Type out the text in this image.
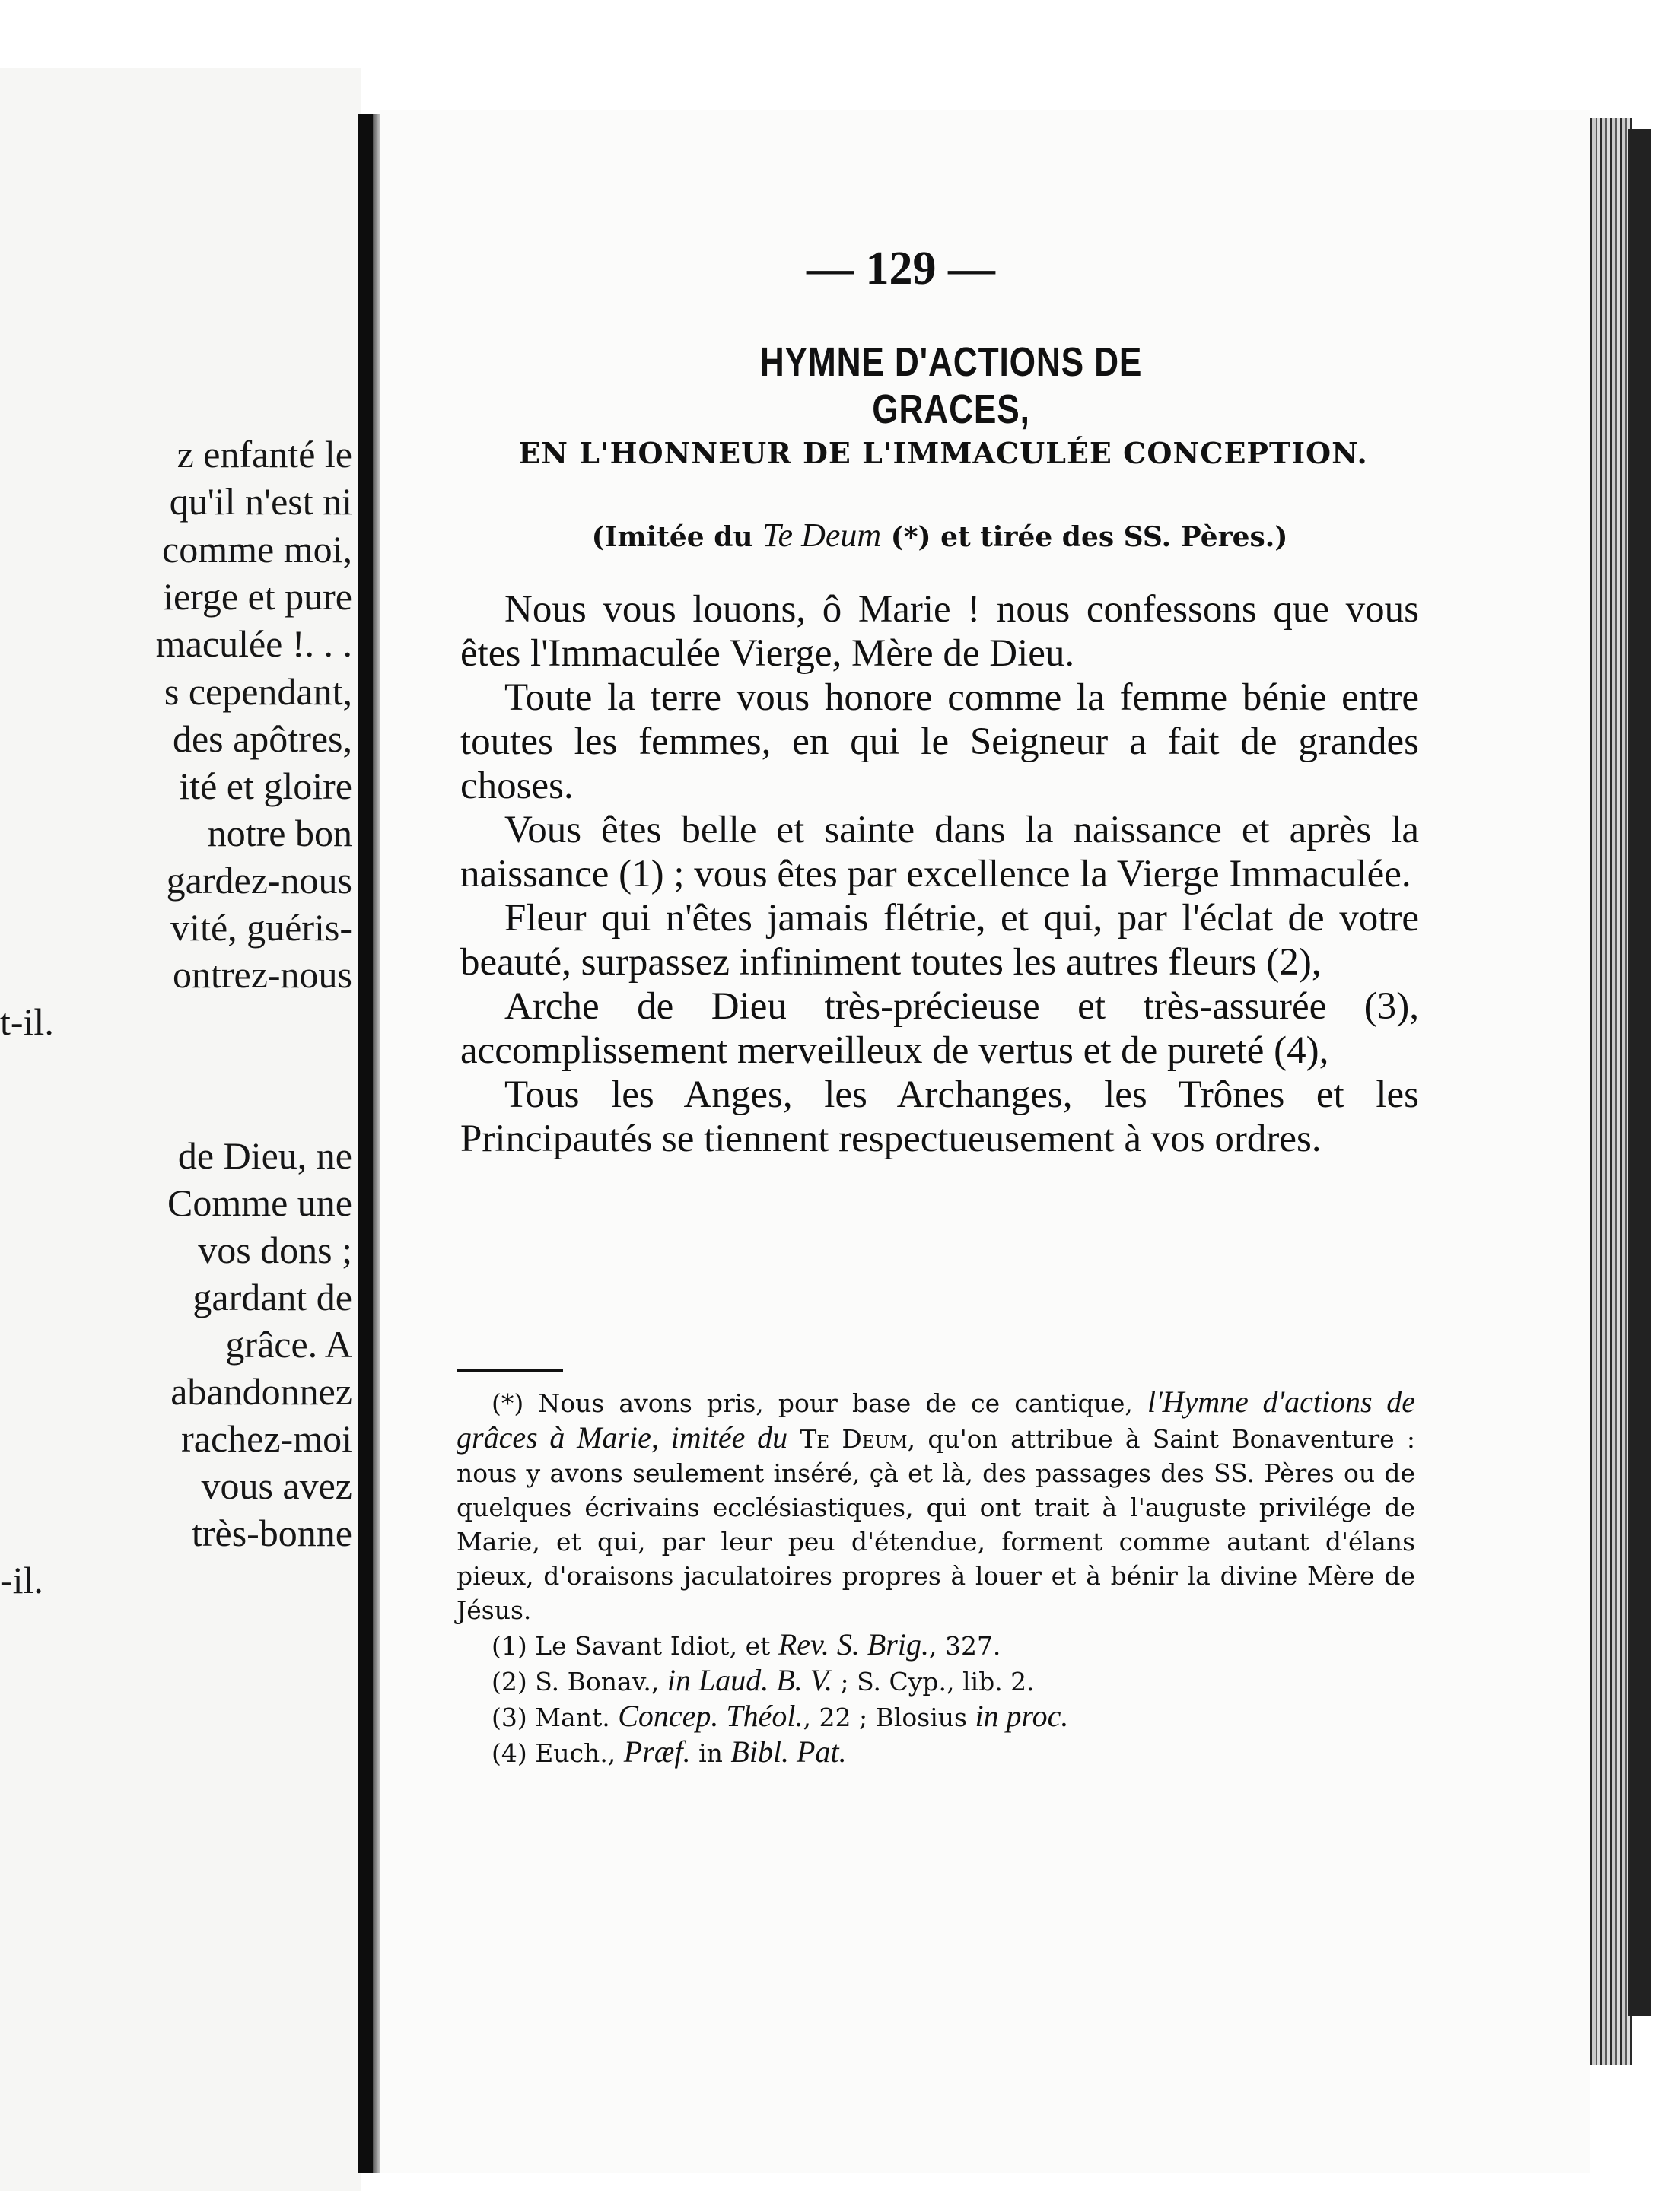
z enfanté le
qu'il n'est ni
comme moi,
ierge et pure
maculée !. . .
s cependant,
des apôtres,
ité et gloire
notre bon
gardez-nous
vité, guéris-
ontrez-nous
t-il.
de Dieu, ne
Comme une
vos dons ;
gardant de
grâce. A
abandonnez
rachez-moi
vous avez
très-bonne
-il.
— 129 —
HYMNE D'ACTIONS DE GRACES,
EN L'HONNEUR DE L'IMMACULÉE CONCEPTION.
(Imitée du Te Deum (*) et tirée des SS. Pères.)

Nous vous louons, ô Marie ! nous confessons que vous êtes l'Immaculée Vierge, Mère de Dieu.

Toute la terre vous honore comme la femme bénie entre toutes les femmes, en qui le Seigneur a fait de grandes choses.

Vous êtes belle et sainte dans la naissance et après la naissance (1) ; vous êtes par excellence la Vierge Immaculée.

Fleur qui n'êtes jamais flétrie, et qui, par l'éclat de votre beauté, surpassez infiniment toutes les autres fleurs (2),

Arche de Dieu très-précieuse et très-assurée (3), accomplissement merveilleux de vertus et de pureté (4),

Tous les Anges, les Archanges, les Trônes et les Principautés se tiennent respectueusement à vos ordres.

(*) Nous avons pris, pour base de ce cantique, l'Hymne d'actions de grâces à Marie, imitée du Te Deum, qu'on attribue à Saint Bonaventure : nous y avons seulement inséré, çà et là, des passages des SS. Pères ou de quelques écrivains ecclésiastiques, qui ont trait à l'auguste privilége de Marie, et qui, par leur peu d'étendue, forment comme autant d'élans pieux, d'oraisons jaculatoires propres à louer et à bénir la divine Mère de Jésus.

(1) Le Savant Idiot, et Rev. S. Brig., 327.

(2) S. Bonav., in Laud. B. V. ; S. Cyp., lib. 2.

(3) Mant. Concep. Théol., 22 ; Blosius in proc.

(4) Euch., Præf. in Bibl. Pat.
